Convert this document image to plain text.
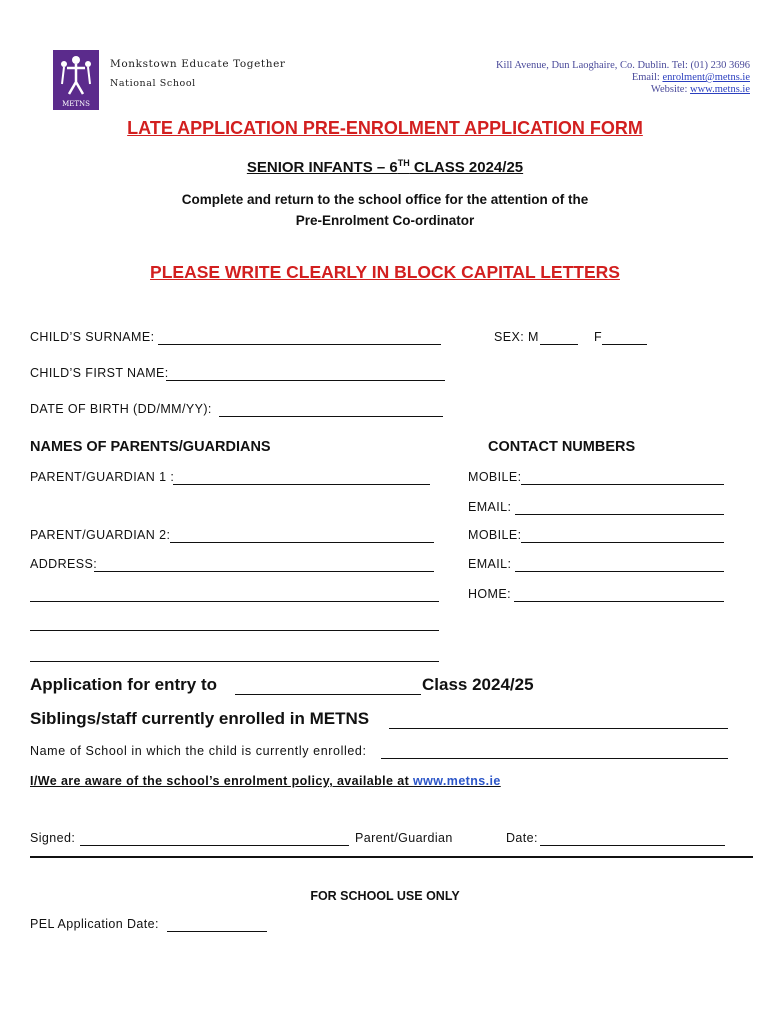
METNS
Monkstown Educate Together
National School
Kill Avenue, Dun Laoghaire, Co. Dublin. Tel: (01) 230 3696
Email: enrolment@metns.ie
Website: www.metns.ie
LATE APPLICATION PRE-ENROLMENT APPLICATION FORM
SENIOR INFANTS – 6TH CLASS 2024/25
Complete and return to the school office for the attention of the
Pre-Enrolment Co-ordinator
PLEASE WRITE CLEARLY IN BLOCK CAPITAL LETTERS
CHILD’S SURNAME:	SEX: M	F
CHILD’S FIRST NAME:
DATE OF BIRTH (DD/MM/YY):
NAMES OF PARENTS/GUARDIANS	CONTACT NUMBERS
PARENT/GUARDIAN 1 :	MOBILE:
EMAIL:
PARENT/GUARDIAN 2:	MOBILE:
ADDRESS:	EMAIL:
HOME:
Application for entry to	Class 2024/25
Siblings/staff currently enrolled in METNS
Name of School in which the child is currently enrolled:
I/We are aware of the school’s enrolment policy, available at www.metns.ie
Signed:	Parent/Guardian	Date:
FOR SCHOOL USE ONLY
PEL Application Date:
